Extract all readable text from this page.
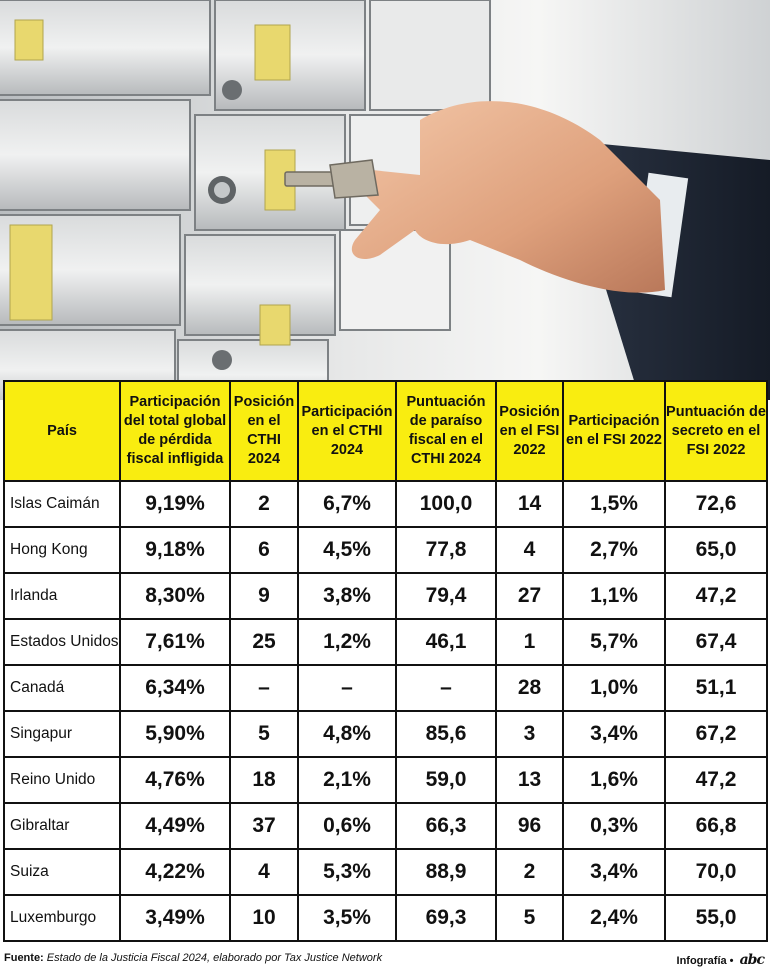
País	Participación del total global de pérdida fiscal infligida	Posición en el CTHI 2024	Participación en el CTHI 2024	Puntuación de paraíso fiscal en el CTHI 2024	Posición en el FSI 2022	Participación en el FSI 2022	Puntuación de secreto en el FSI 2022
Islas Caimán	9,19%	2	6,7%	100,0	14	1,5%	72,6
Hong Kong	9,18%	6	4,5%	77,8	4	2,7%	65,0
Irlanda	8,30%	9	3,8%	79,4	27	1,1%	47,2
Estados Unidos	7,61%	25	1,2%	46,1	1	5,7%	67,4
Canadá	6,34%	–	–	–	28	1,0%	51,1
Singapur	5,90%	5	4,8%	85,6	3	3,4%	67,2
Reino Unido	4,76%	18	2,1%	59,0	13	1,6%	47,2
Gibraltar	4,49%	37	0,6%	66,3	96	0,3%	66,8
Suiza	4,22%	4	5,3%	88,9	2	3,4%	70,0
Luxemburgo	3,49%	10	3,5%	69,3	5	2,4%	55,0
Fuente: Estado de la Justicia Fiscal 2024, elaborado por Tax Justice Network	Infografía • abc
